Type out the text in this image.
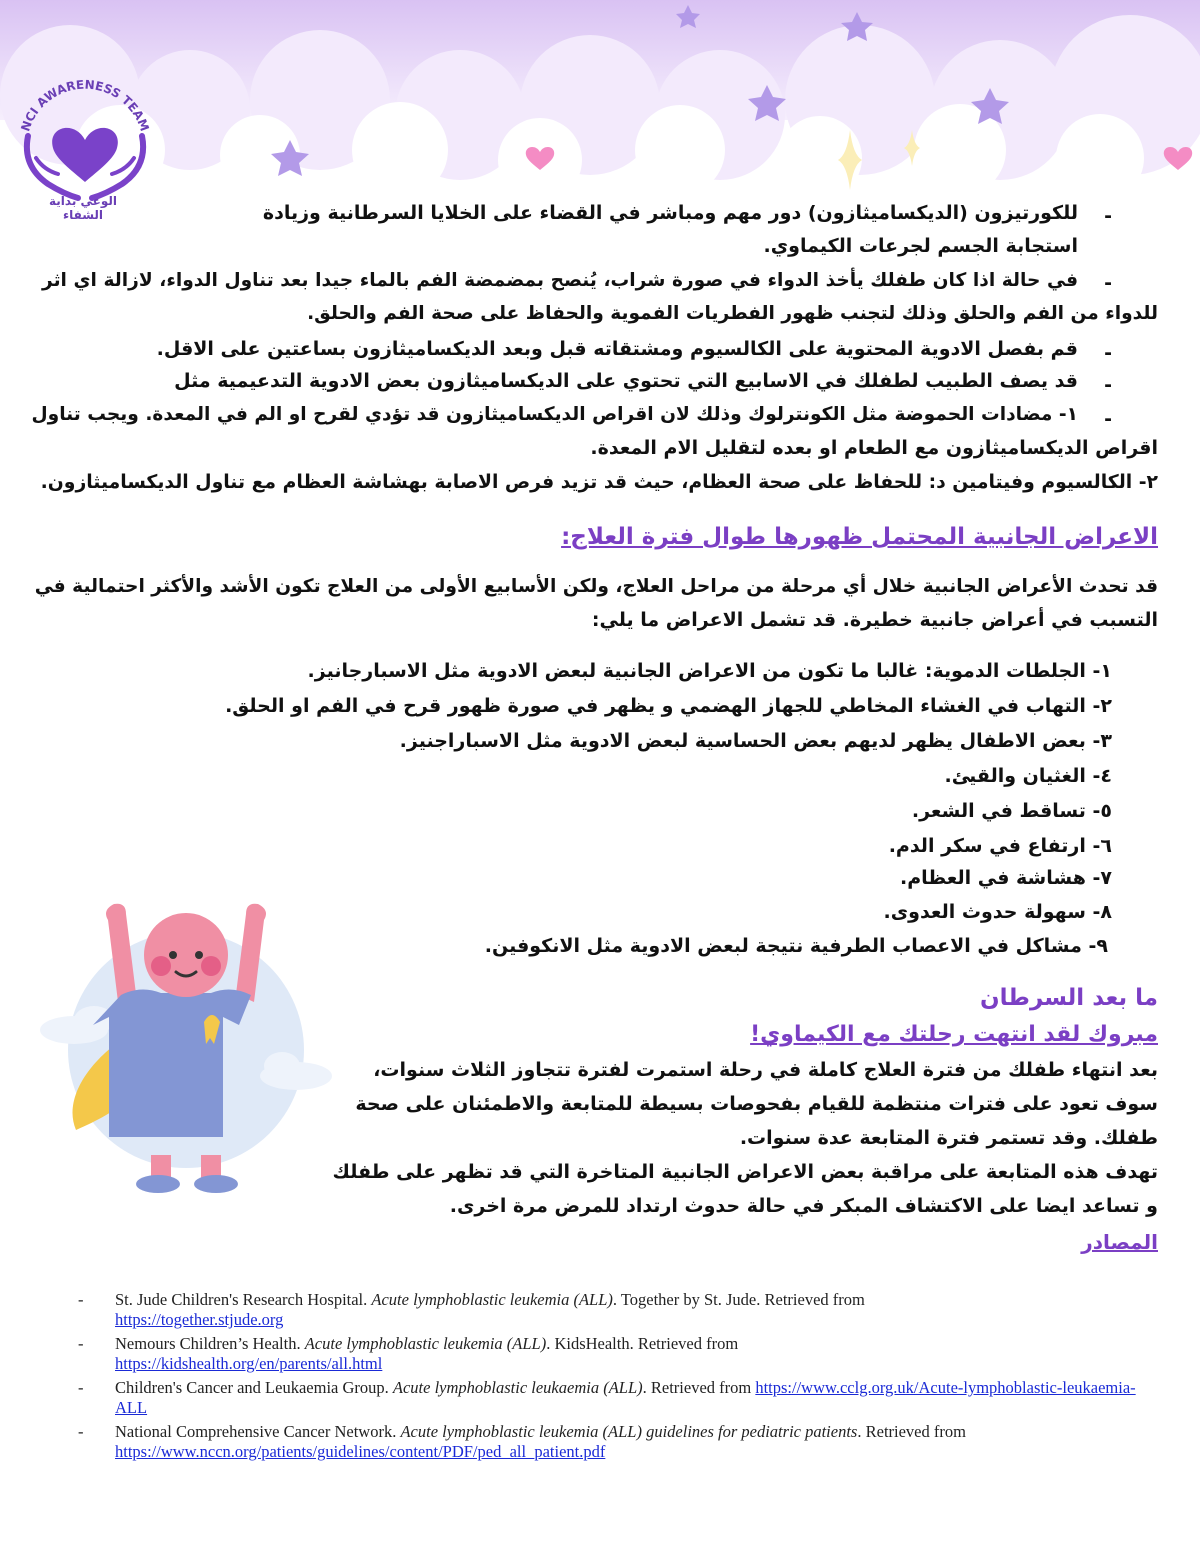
NCI AWARENESS TEAM
الوعي بداية الشفاء	-
للكورتيزون (الديكساميثازون) دور مهم ومباشر في القضاء على الخلايا السرطانية وزيادة
استجابة الجسم لجرعات الكيماوي.
-
في حالة اذا كان طفلك يأخذ الدواء في صورة شراب، يُنصح بمضمضة الفم بالماء جيدا بعد تناول الدواء، لازالة اي اثر
للدواء من الفم والحلق وذلك لتجنب ظهور الفطريات الفموية والحفاظ على صحة الفم والحلق.
-
قم بفصل الادوية المحتوية على الكالسيوم ومشتقاته قبل وبعد الديكساميثازون بساعتين على الاقل.
-
قد يصف الطبيب لطفلك في الاسابيع التي تحتوي على الديكساميثازون بعض الادوية التدعيمية مثل
-
١- مضادات الحموضة مثل الكونترلوك وذلك لان اقراص الديكساميثازون قد تؤدي لقرح او الم في المعدة. ويجب تناول
اقراص الديكساميثازون مع الطعام او بعده لتقليل الام المعدة.
٢- الكالسيوم وفيتامين د: للحفاظ على صحة العظام، حيث قد تزيد فرص الاصابة بهشاشة العظام مع تناول الديكساميثازون.
الاعراض الجانبية المحتمل ظهورها طوال فترة العلاج:
قد تحدث الأعراض الجانبية خلال أي مرحلة من مراحل العلاج، ولكن الأسابيع الأولى من العلاج تكون الأشد والأكثر احتمالية في
التسبب في أعراض جانبية خطيرة. قد تشمل الاعراض ما يلي:
١- الجلطات الدموية: غالبا ما تكون من الاعراض الجانبية لبعض الادوية مثل الاسبارجانيز.
٢- التهاب في الغشاء المخاطي للجهاز الهضمي و يظهر في صورة ظهور قرح في الفم او الحلق.
٣- بعض الاطفال يظهر لديهم بعض الحساسية لبعض الادوية مثل الاسباراجنيز.
٤- الغثيان والقيئ.
٥- تساقط في الشعر.
٦- ارتفاع في سكر الدم.
٧- هشاشة في العظام.
٨- سهولة حدوث العدوى.
٩- مشاكل في الاعصاب الطرفية نتيجة لبعض الادوية مثل الانكوفين.
ما بعد السرطان
مبروك لقد انتهت رحلتك مع الكيماوي!
بعد انتهاء طفلك من فترة العلاج كاملة في رحلة استمرت لفترة تتجاوز الثلاث سنوات،
سوف تعود على فترات منتظمة للقيام بفحوصات بسيطة للمتابعة والاطمئنان على صحة
طفلك. وقد تستمر فترة المتابعة عدة سنوات.
تهدف هذه المتابعة على مراقبة بعض الاعراض الجانبية المتاخرة التي قد تظهر على طفلك
و تساعد ايضا على الاكتشاف المبكر في حالة حدوث ارتداد للمرض مرة اخرى.
المصادر
- St. Jude Children's Research Hospital. Acute lymphoblastic leukemia (ALL). Together by St. Jude. Retrieved from
https://together.stjude.org
- Nemours Children’s Health. Acute lymphoblastic leukemia (ALL). KidsHealth. Retrieved from
https://kidshealth.org/en/parents/all.html
- Children's Cancer and Leukaemia Group. Acute lymphoblastic leukaemia (ALL). Retrieved from https://www.cclg.org.uk/Acute-lymphoblastic-leukaemia-ALL
- National Comprehensive Cancer Network. Acute lymphoblastic leukemia (ALL) guidelines for pediatric patients. Retrieved from
https://www.nccn.org/patients/guidelines/content/PDF/ped_all_patient.pdf
